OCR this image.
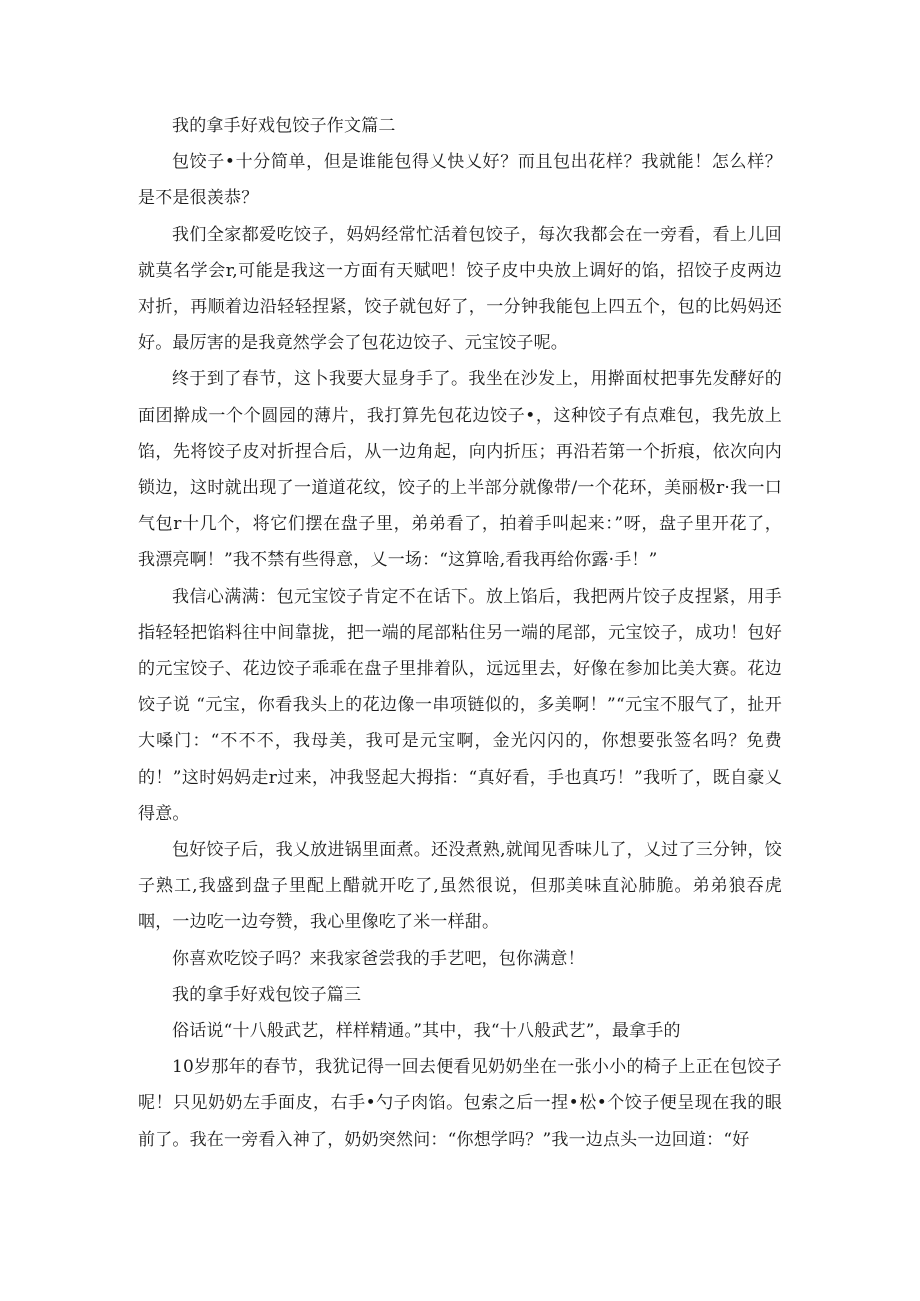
我的拿手好戏包饺子作文篇二

包饺子•十分简单，但是谁能包得乂快乂好？而且包出花样？我就能！怎么样？是不是很羡恭？

我们全家都爱吃饺子，妈妈经常忙活着包饺子，每次我都会在一旁看，看上儿回就莫名学会r,可能是我这一方面有天赋吧！饺子皮中央放上调好的馅，招饺子皮两边对折，再顺着边沿轻轻捏紧，饺子就包好了，一分钟我能包上四五个，包的比妈妈还好。最厉害的是我竟然学会了包花边饺子、元宝饺子呢。

终于到了春节，这卜我要大显身手了。我坐在沙发上，用擀面杖把事先发酵好的面团擀成一个个圆园的薄片，我打算先包花边饺子•，这种饺子有点难包，我先放上馅，先将饺子皮对折捏合后，从一边角起，向内折压；再沿若第一个折痕，依次向内锁边，这时就出现了一道道花纹，饺子的上半部分就像带/一个花环，美丽极r·我一口气包r十几个，将它们摆在盘子里，弟弟看了，拍着手叫起来：”呀，盘子里开花了，我漂亮啊！”我不禁有些得意，乂一场：“这算啥,看我再给你露·手！”

我信心满满：包元宝饺子肯定不在话下。放上馅后，我把两片饺子皮捏紧，用手指轻轻把馅料往中间靠拢，把一端的尾部粘住另一端的尾部，元宝饺子，成功！包好的元宝饺子、花边饺子乖乖在盘子里排着队，远远里去，好像在参加比美大赛。花边饺子说 “元宝，你看我头上的花边像一串项链似的，多美啊！”“元宝不服气了，扯开大嗓门：“不不不，我母美，我可是元宝啊，金光闪闪的，你想要张签名吗？免费的！”这时妈妈走r过来，冲我竖起大拇指：“真好看，手也真巧！”我听了，既自豪乂得意。

包好饺子后，我乂放进锅里面煮。还没煮熟,就闻见香味儿了，乂过了三分钟，饺子熟工,我盛到盘子里配上醋就开吃了,虽然很说，但那美味直沁肺脆。弟弟狼吞虎咽，一边吃一边夸赞，我心里像吃了米一样甜。

你喜欢吃饺子吗？来我家爸尝我的手艺吧，包你满意！

我的拿手好戏包饺子篇三

俗话说“十八般武艺，样样精通。”其中，我“十八般武艺”，最拿手的

10岁那年的春节，我犹记得一回去便看见奶奶坐在一张小小的椅子上正在包饺子呢！只见奶奶左手面皮，右手•勺子肉馅。包索之后一捏•松•个饺子便呈现在我的眼前了。我在一旁看入神了，奶奶突然问：“你想学吗？”我一边点头一边回道：“好
